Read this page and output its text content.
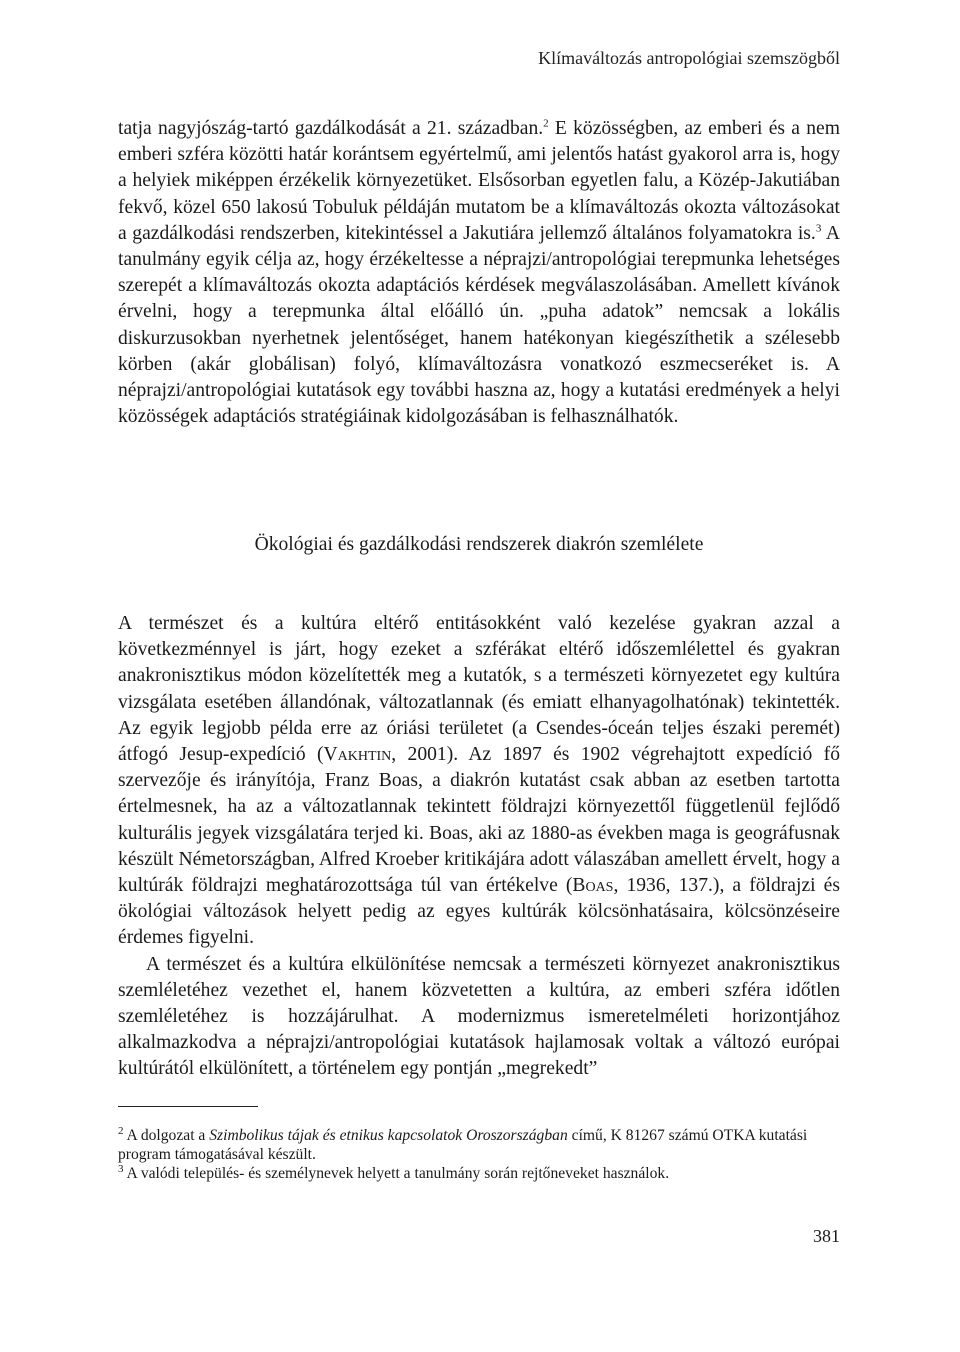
Klímaváltozás antropológiai szemszögből

tatja nagyjószág-tartó gazdálkodását a 21. században.$^2$ E közösségben, az emberi és a nem emberi szféra közötti határ korántsem egyértelmű, ami jelentős hatást gyakorol arra is, hogy a helyiek miképpen érzékelik környezetüket. Elsősorban egyetlen falu, a Közép-Jakutiában fekvő, közel 650 lakosú Tobuluk példáján mutatom be a klímaváltozás okozta változásokat a gazdálkodási rendszerben, kitekintéssel a Jakutiára jellemző általános folyamatokra is.$^3$ A tanulmány egyik célja az, hogy érzékeltesse a néprajzi/antropológiai terepmunka lehetséges szerepét a klímaváltozás okozta adaptációs kérdések megválaszolásában. Amellett kívánok érvelni, hogy a terepmunka által előálló ún. „puha adatok” nemcsak a lokális diskurzusokban nyerhetnek jelentőséget, hanem hatékonyan kiegészíthetik a szélesebb körben (akár globálisan) folyó, klímaváltozásra vonatkozó eszmecseréket is. A néprajzi/antropológiai kutatások egy további haszna az, hogy a kutatási eredmények a helyi közösségek adaptációs stratégiáinak kidolgozásában is felhasználhatók.

Ökológiai és gazdálkodási rendszerek diakrón szemlélete

A természet és a kultúra eltérő entitásokként való kezelése gyakran azzal a következménnyel is járt, hogy ezeket a szférákat eltérő időszemlélettel és gyakran anakronisztikus módon közelítették meg a kutatók, s a természeti környezetet egy kultúra vizsgálata esetében állandónak, változatlannak (és emiatt elhanyagolhatónak) tekintették. Az egyik legjobb példa erre az óriási területet (a Csendes-óceán teljes északi peremét) átfogó Jesup-expedíció (Vakhtin, 2001). Az 1897 és 1902 végrehajtott expedíció fő szervezője és irányítója, Franz Boas, a diakrón kutatást csak abban az esetben tartotta értelmesnek, ha az a változatlannak tekintett földrajzi környezettől függetlenül fejlődő kulturális jegyek vizsgálatára terjed ki. Boas, aki az 1880-as években maga is geográfusnak készült Németországban, Alfred Kroeber kritikájára adott válaszában amellett érvelt, hogy a kultúrák földrajzi meghatározottsága túl van értékelve (Boas, 1936, 137.), a földrajzi és ökológiai változások helyett pedig az egyes kultúrák kölcsönhatásaira, kölcsönzéseire érdemes figyelni.

A természet és a kultúra elkülönítése nemcsak a természeti környezet anakronisztikus szemléletéhez vezethet el, hanem közvetetten a kultúra, az emberi szféra időtlen szemléletéhez is hozzájárulhat. A modernizmus ismeretelméleti horizontjához alkalmazkodva a néprajzi/antropológiai kutatások hajlamosak voltak a változó európai kultúrától elkülönített, a történelem egy pontján „megrekedt”

$^2$ A dolgozat a Szimbolikus tájak és etnikus kapcsolatok Oroszországban című, K 81267 számú OTKA kutatási program támogatásával készült.

$^3$ A valódi település- és személynevek helyett a tanulmány során rejtőneveket használok.

381
